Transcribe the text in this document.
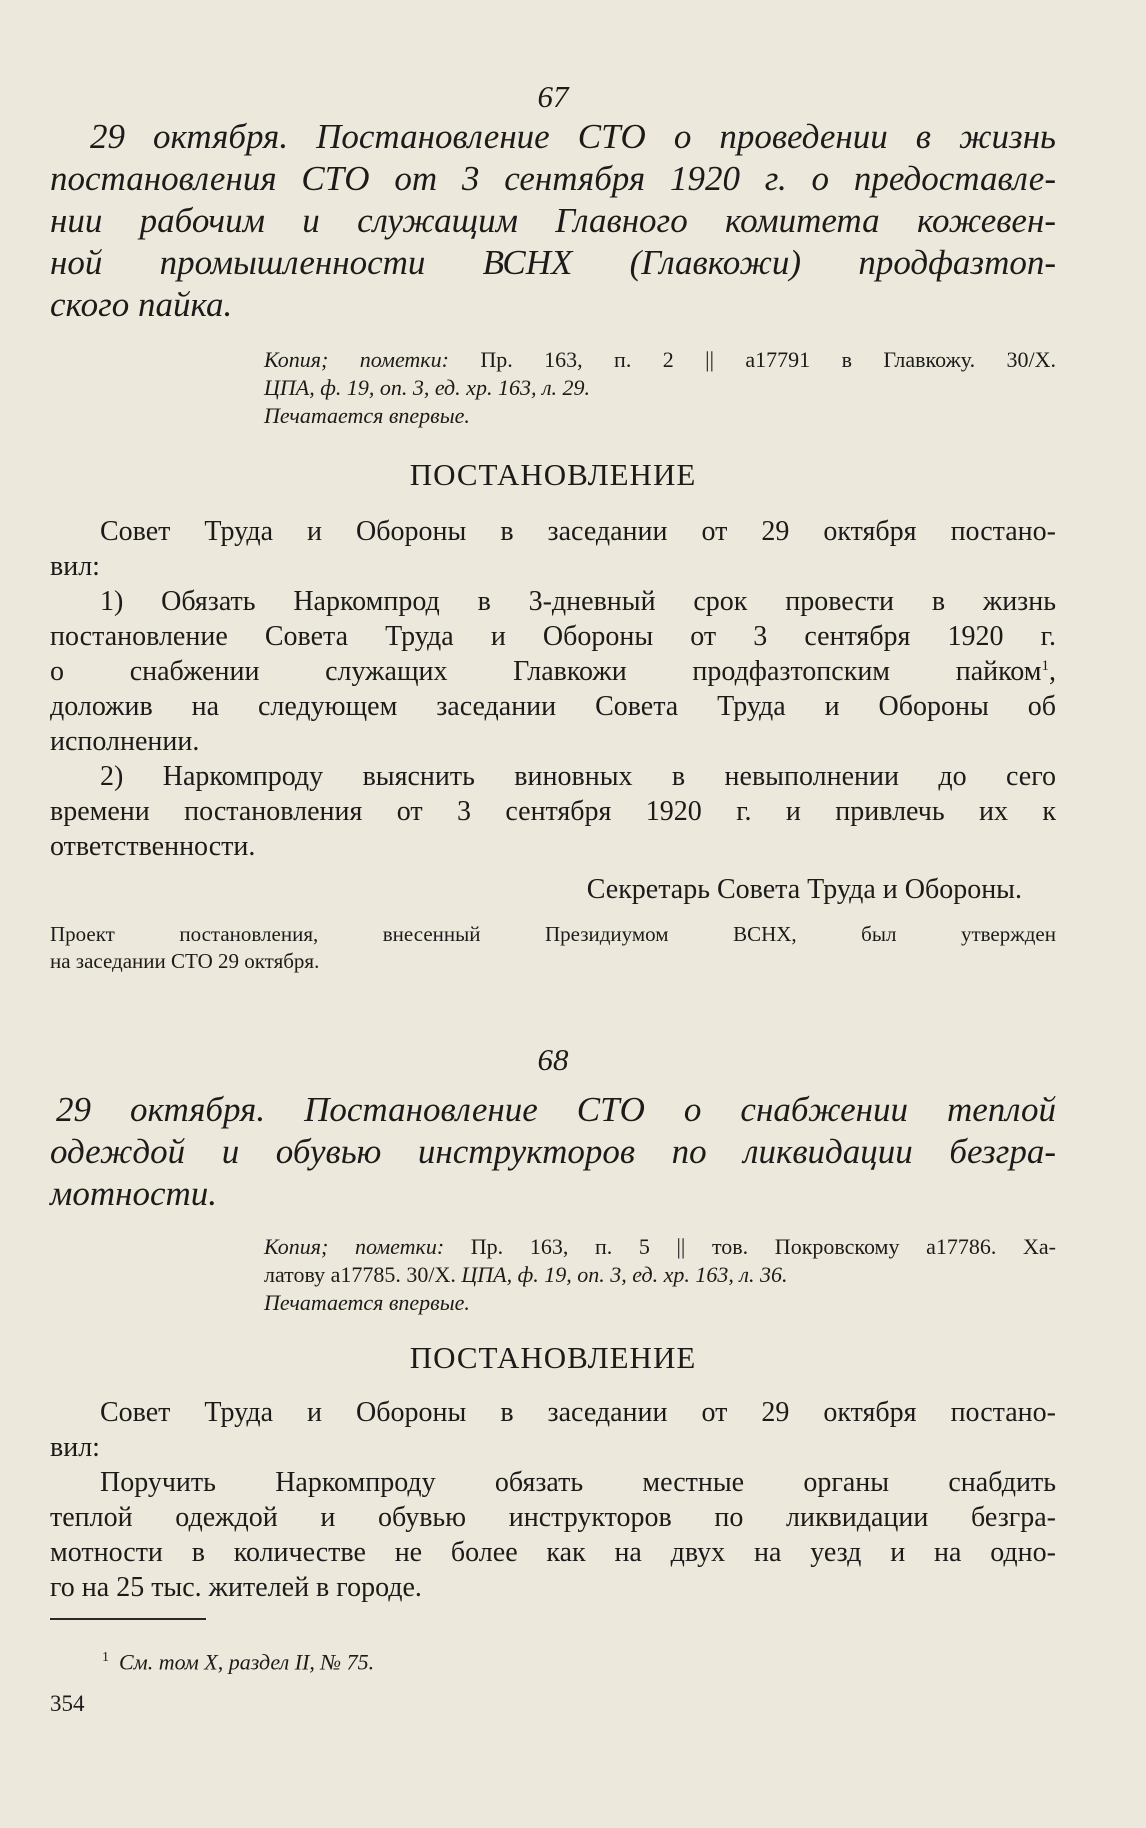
67
29 октября. Постановление СТО о проведении в жизнь
постановления СТО от 3 сентября 1920 г. о предоставле-
нии рабочим и служащим Главного комитета кожевен-
ной промышленности ВСНХ (Главкожи) продфазтоп-
ского пайка.
Копия; пометки: Пр. 163, п. 2 || а17791 в Главкожу. 30/Х.
ЦПА, ф. 19, оп. 3, ед. хр. 163, л. 29.
Печатается впервые.
ПОСТАНОВЛЕНИЕ
Совет Труда и Обороны в заседании от 29 октября постано-
вил:
1) Обязать Наркомпрод в 3-дневный срок провести в жизнь
постановление Совета Труда и Обороны от 3 сентября 1920 г.
о снабжении служащих Главкожи продфазтопским пайком$^1$,
доложив на следующем заседании Совета Труда и Обороны об
исполнении.
2) Наркомпроду выяснить виновных в невыполнении до сего
времени постановления от 3 сентября 1920 г. и привлечь их к
ответственности.
Секретарь Совета Труда и Обороны.
Проект постановления, внесенный Президиумом ВСНХ, был утвержден
на заседании СТО 29 октября.
68
29 октября. Постановление СТО о снабжении теплой
одеждой и обувью инструкторов по ликвидации безгра-
мотности.
Копия; пометки: Пр. 163, п. 5 || тов. Покровскому а17786. Ха-
латову а17785. 30/Х. ЦПА, ф. 19, оп. 3, ед. хр. 163, л. 36.
Печатается впервые.
ПОСТАНОВЛЕНИЕ
Совет Труда и Обороны в заседании от 29 октября постано-
вил:
Поручить Наркомпроду обязать местные органы снабдить
теплой одеждой и обувью инструкторов по ликвидации безгра-
мотности в количестве не более как на двух на уезд и на одно-
го на 25 тыс. жителей в городе.
$^1$ См. том X, раздел II, № 75.
354
